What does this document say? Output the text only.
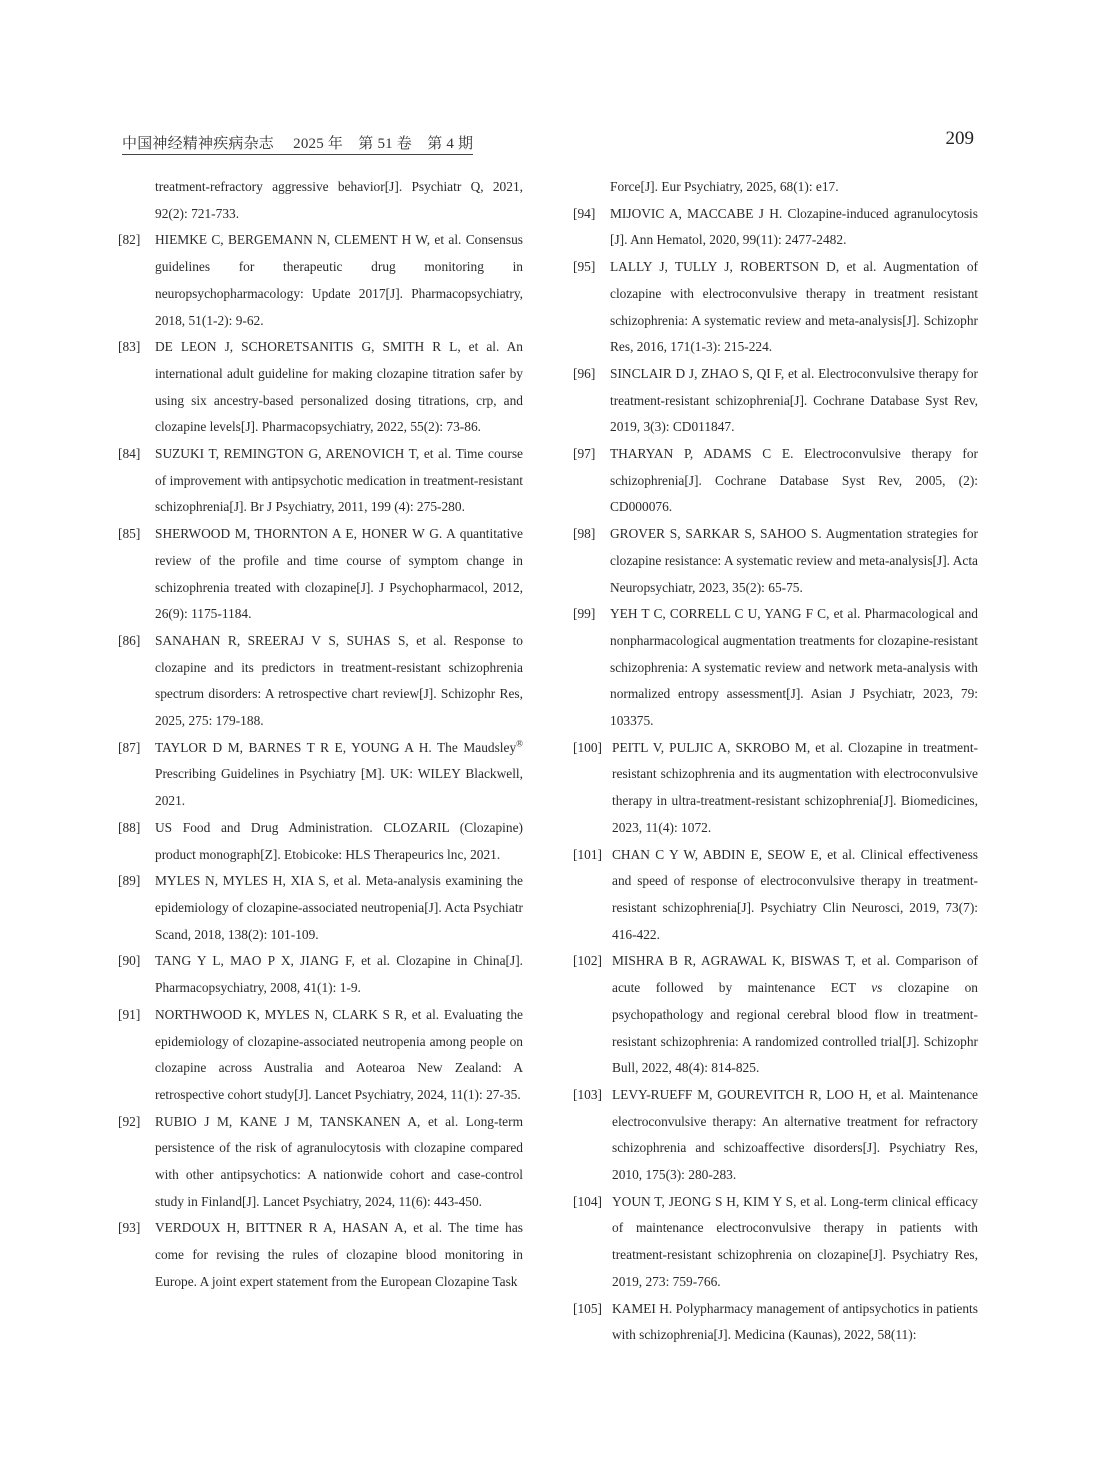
中国神经精神疾病杂志　 2025 年　第 51 卷　第 4 期	209
treatment-refractory aggressive behavior[J]. Psychiatr Q, 2021, 92(2): 721-733.
[82] HIEMKE C, BERGEMANN N, CLEMENT H W, et al. Consensus guidelines for therapeutic drug monitoring in neuropsychopharmacology: Update 2017[J]. Pharmacopsychiatry, 2018, 51(1-2): 9-62.
[83] DE LEON J, SCHORETSANITIS G, SMITH R L, et al. An international adult guideline for making clozapine titration safer by using six ancestry-based personalized dosing titrations, crp, and clozapine levels[J]. Pharmacopsychiatry, 2022, 55(2): 73-86.
[84] SUZUKI T, REMINGTON G, ARENOVICH T, et al. Time course of improvement with antipsychotic medication in treatment-resistant schizophrenia[J]. Br J Psychiatry, 2011, 199 (4): 275-280.
[85] SHERWOOD M, THORNTON A E, HONER W G. A quantitative review of the profile and time course of symptom change in schizophrenia treated with clozapine[J]. J Psychopharmacol, 2012, 26(9): 1175-1184.
[86] SANAHAN R, SREERAJ V S, SUHAS S, et al. Response to clozapine and its predictors in treatment-resistant schizophrenia spectrum disorders: A retrospective chart review[J]. Schizophr Res, 2025, 275: 179-188.
[87] TAYLOR D M, BARNES T R E, YOUNG A H. The Maudsley® Prescribing Guidelines in Psychiatry [M]. UK: WILEY Blackwell, 2021.
[88] US Food and Drug Administration. CLOZARIL (Clozapine) product monograph[Z]. Etobicoke: HLS Therapeurics lnc, 2021.
[89] MYLES N, MYLES H, XIA S, et al. Meta-analysis examining the epidemiology of clozapine-associated neutropenia[J]. Acta Psychiatr Scand, 2018, 138(2): 101-109.
[90] TANG Y L, MAO P X, JIANG F, et al. Clozapine in China[J]. Pharmacopsychiatry, 2008, 41(1): 1-9.
[91] NORTHWOOD K, MYLES N, CLARK S R, et al. Evaluating the epidemiology of clozapine-associated neutropenia among people on clozapine across Australia and Aotearoa New Zealand: A retrospective cohort study[J]. Lancet Psychiatry, 2024, 11(1): 27-35.
[92] RUBIO J M, KANE J M, TANSKANEN A, et al. Long-term persistence of the risk of agranulocytosis with clozapine compared with other antipsychotics: A nationwide cohort and case-control study in Finland[J]. Lancet Psychiatry, 2024, 11(6): 443-450.
[93] VERDOUX H, BITTNER R A, HASAN A, et al. The time has come for revising the rules of clozapine blood monitoring in Europe. A joint expert statement from the European Clozapine Task
Force[J]. Eur Psychiatry, 2025, 68(1): e17.
[94] MIJOVIC A, MACCABE J H. Clozapine-induced agranulocytosis [J]. Ann Hematol, 2020, 99(11): 2477-2482.
[95] LALLY J, TULLY J, ROBERTSON D, et al. Augmentation of clozapine with electroconvulsive therapy in treatment resistant schizophrenia: A systematic review and meta-analysis[J]. Schizophr Res, 2016, 171(1-3): 215-224.
[96] SINCLAIR D J, ZHAO S, QI F, et al. Electroconvulsive therapy for treatment-resistant schizophrenia[J]. Cochrane Database Syst Rev, 2019, 3(3): CD011847.
[97] THARYAN P, ADAMS C E. Electroconvulsive therapy for schizophrenia[J]. Cochrane Database Syst Rev, 2005, (2): CD000076.
[98] GROVER S, SARKAR S, SAHOO S. Augmentation strategies for clozapine resistance: A systematic review and meta-analysis[J]. Acta Neuropsychiatr, 2023, 35(2): 65-75.
[99] YEH T C, CORRELL C U, YANG F C, et al. Pharmacological and nonpharmacological augmentation treatments for clozapine-resistant schizophrenia: A systematic review and network meta-analysis with normalized entropy assessment[J]. Asian J Psychiatr, 2023, 79: 103375.
[100] PEITL V, PULJIC A, SKROBO M, et al. Clozapine in treatment-resistant schizophrenia and its augmentation with electroconvulsive therapy in ultra-treatment-resistant schizophrenia[J]. Biomedicines, 2023, 11(4): 1072.
[101] CHAN C Y W, ABDIN E, SEOW E, et al. Clinical effectiveness and speed of response of electroconvulsive therapy in treatment-resistant schizophrenia[J]. Psychiatry Clin Neurosci, 2019, 73(7): 416-422.
[102] MISHRA B R, AGRAWAL K, BISWAS T, et al. Comparison of acute followed by maintenance ECT vs clozapine on psychopathology and regional cerebral blood flow in treatment-resistant schizophrenia: A randomized controlled trial[J]. Schizophr Bull, 2022, 48(4): 814-825.
[103] LEVY-RUEFF M, GOUREVITCH R, LOO H, et al. Maintenance electroconvulsive therapy: An alternative treatment for refractory schizophrenia and schizoaffective disorders[J]. Psychiatry Res, 2010, 175(3): 280-283.
[104] YOUN T, JEONG S H, KIM Y S, et al. Long-term clinical efficacy of maintenance electroconvulsive therapy in patients with treatment-resistant schizophrenia on clozapine[J]. Psychiatry Res, 2019, 273: 759-766.
[105] KAMEI H. Polypharmacy management of antipsychotics in patients with schizophrenia[J]. Medicina (Kaunas), 2022, 58(11):
